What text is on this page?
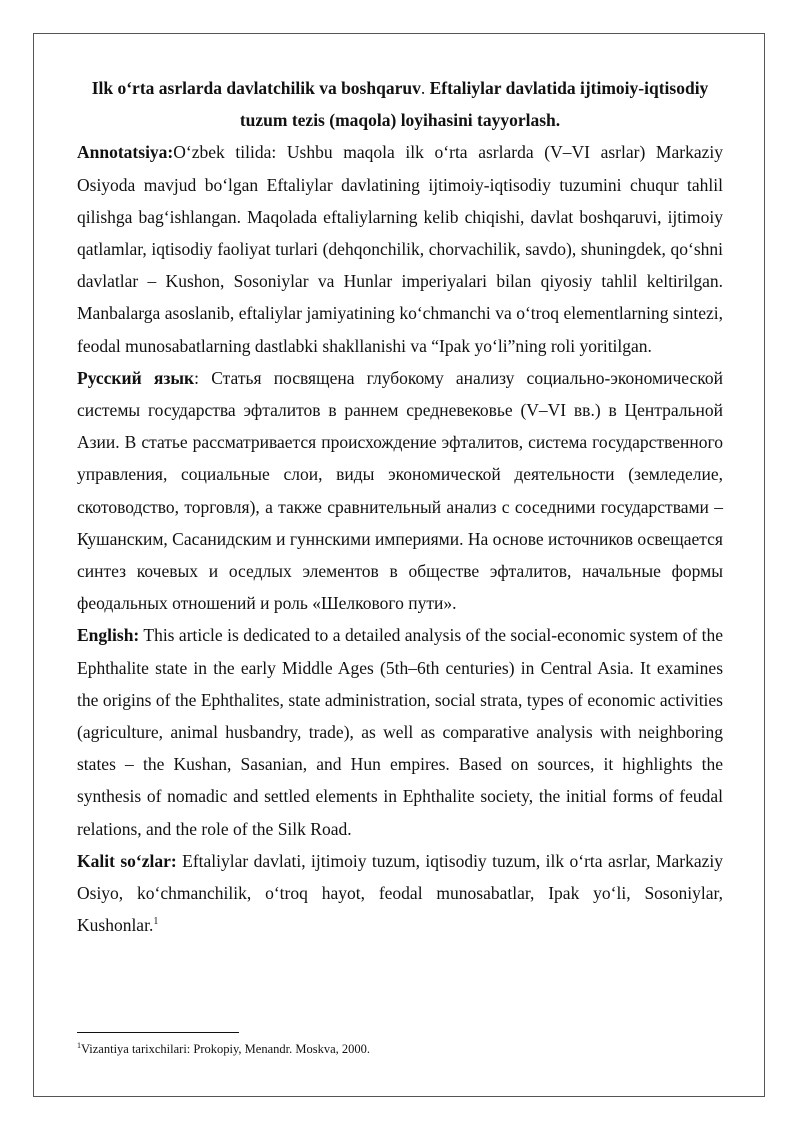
Ilk o‘rta asrlarda davlatchilik va boshqaruv. Eftaliylar davlatida ijtimoiy-iqtisodiy tuzum tezis (maqola) loyihasini tayyorlash.

Annotatsiya:O‘zbek tilida: Ushbu maqola ilk o‘rta asrlarda (V–VI asrlar) Markaziy Osiyoda mavjud bo‘lgan Eftaliylar davlatining ijtimoiy-iqtisodiy tuzumini chuqur tahlil qilishga bag‘ishlangan. Maqolada eftaliylarning kelib chiqishi, davlat boshqaruvi, ijtimoiy qatlamlar, iqtisodiy faoliyat turlari (dehqonchilik, chorvachilik, savdo), shuningdek, qo‘shni davlatlar – Kushon, Sosoniylar va Hunlar imperiyalari bilan qiyosiy tahlil keltirilgan. Manbalarga asoslanib, eftaliylar jamiyatining ko‘chmanchi va o‘troq elementlarning sintezi, feodal munosabatlarning dastlabki shakllanishi va “Ipak yo‘li”ning roli yoritilgan.

Русский язык: Статья посвящена глубокому анализу социально-экономической системы государства эфталитов в раннем средневековье (V–VI вв.) в Центральной Азии. В статье рассматривается происхождение эфталитов, система государственного управления, социальные слои, виды экономической деятельности (земледелие, скотоводство, торговля), а также сравнительный анализ с соседними государствами – Кушанским, Сасанидским и гуннскими империями. На основе источников освещается синтез кочевых и оседлых элементов в обществе эфталитов, начальные формы феодальных отношений и роль «Шелкового пути».

English: This article is dedicated to a detailed analysis of the social-economic system of the Ephthalite state in the early Middle Ages (5th–6th centuries) in Central Asia. It examines the origins of the Ephthalites, state administration, social strata, types of economic activities (agriculture, animal husbandry, trade), as well as comparative analysis with neighboring states – the Kushan, Sasanian, and Hun empires. Based on sources, it highlights the synthesis of nomadic and settled elements in Ephthalite society, the initial forms of feudal relations, and the role of the Silk Road.

Kalit so‘zlar: Eftaliylar davlati, ijtimoiy tuzum, iqtisodiy tuzum, ilk o‘rta asrlar, Markaziy Osiyo, ko‘chmanchilik, o‘troq hayot, feodal munosabatlar, Ipak yo‘li, Sosoniylar, Kushonlar.$^1$

$^1$Vizantiya tarixchilari: Prokopiy, Menandr. Moskva, 2000.
